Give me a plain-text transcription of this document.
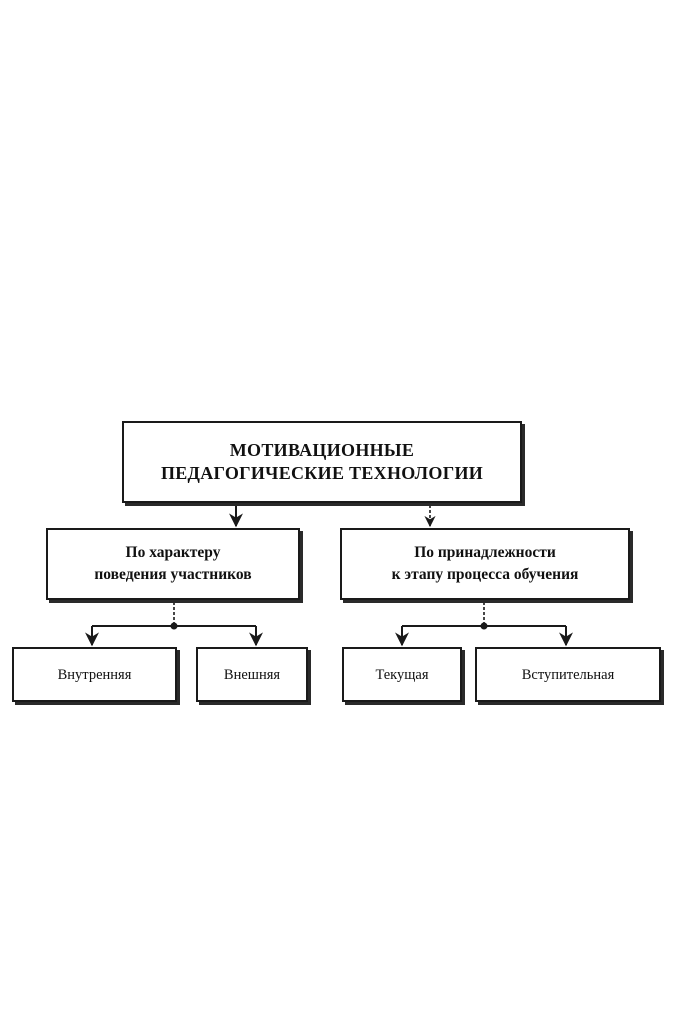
МОТИВАЦИОННЫЕ
ПЕДАГОГИЧЕСКИЕ ТЕХНОЛОГИИ
По характеру
поведения участников
По принадлежности
к этапу процесса обучения
Внутренняя	Внешняя	Текущая	Вступительная
